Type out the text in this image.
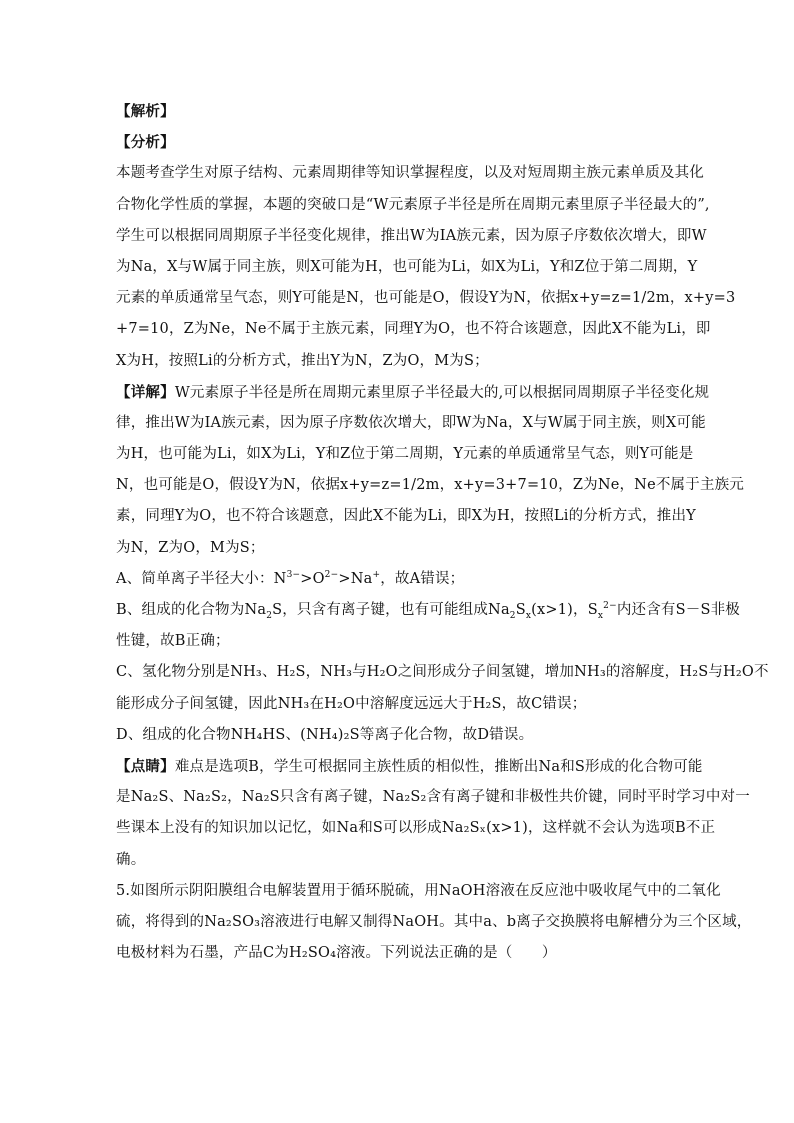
【解析】
【分析】
本题考查学生对原子结构、元素周期律等知识掌握程度，以及对短周期主族元素单质及其化
合物化学性质的掌握，本题的突破口是“W元素原子半径是所在周期元素里原子半径最大的”,
学生可以根据同周期原子半径变化规律，推出W为IA族元素，因为原子序数依次增大，即W
为Na，X与W属于同主族，则X可能为H，也可能为Li，如X为Li，Y和Z位于第二周期，Y
元素的单质通常呈气态，则Y可能是N，也可能是O，假设Y为N，依据x+y=z=1/2m，x+y=3
+7=10，Z为Ne，Ne不属于主族元素，同理Y为O，也不符合该题意，因此X不能为Li，即
X为H，按照Li的分析方式，推出Y为N，Z为O，M为S；
【详解】W元素原子半径是所在周期元素里原子半径最大的,可以根据同周期原子半径变化规
律，推出W为IA族元素，因为原子序数依次增大，即W为Na，X与W属于同主族，则X可能
为H，也可能为Li，如X为Li，Y和Z位于第二周期，Y元素的单质通常呈气态，则Y可能是
N，也可能是O，假设Y为N，依据x+y=z=1/2m，x+y=3+7=10，Z为Ne，Ne不属于主族元
素，同理Y为O，也不符合该题意，因此X不能为Li，即X为H，按照Li的分析方式，推出Y
为N，Z为O，M为S；
A、简单离子半径大小：$N^{3-}>O^{2-}>Na^+$，故A错误；
B、组成的化合物为$Na_2S$，只含有离子键，也有可能组成$Na_2S_x(x>1)$，$S_x^{2-}$内还含有S－S非极
性键，故B正确；
C、氢化物分别是NH₃、H₂S，NH₃与H₂O之间形成分子间氢键，增加NH₃的溶解度，H₂S与H₂O不
能形成分子间氢键，因此NH₃在H₂O中溶解度远远大于H₂S，故C错误；
D、组成的化合物NH₄HS、(NH₄)₂S等离子化合物，故D错误。
【点睛】难点是选项B，学生可根据同主族性质的相似性，推断出Na和S形成的化合物可能
是Na₂S、Na₂S₂，Na₂S只含有离子键，Na₂S₂含有离子键和非极性共价键，同时平时学习中对一
些课本上没有的知识加以记忆，如Na和S可以形成Na₂Sₓ(x>1)，这样就不会认为选项B不正
确。
5.如图所示阴阳膜组合电解装置用于循环脱硫，用NaOH溶液在反应池中吸收尾气中的二氧化
硫，将得到的Na₂SO₃溶液进行电解又制得NaOH。其中a、b离子交换膜将电解槽分为三个区域，
电极材料为石墨，产品C为H₂SO₄溶液。下列说法正确的是（　　）
